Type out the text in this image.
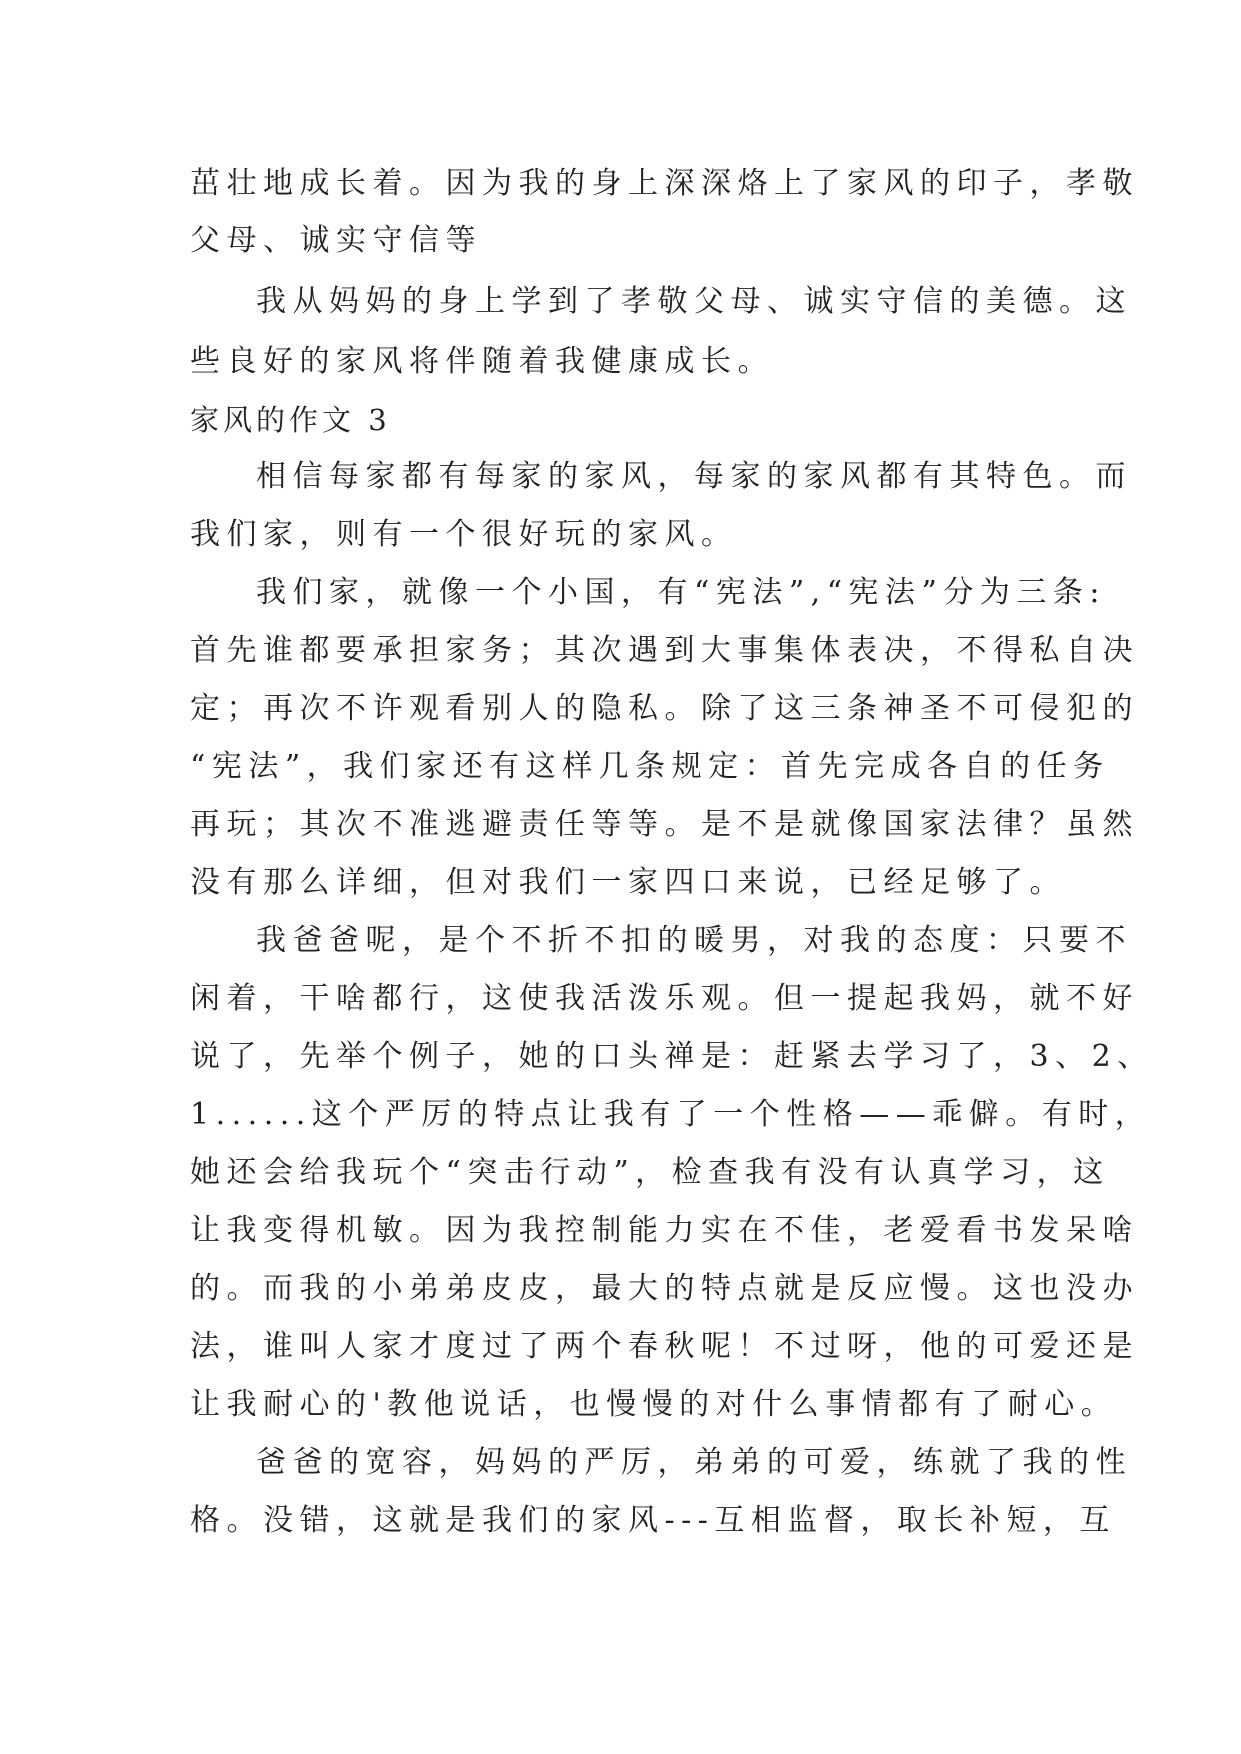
茁壮地成长着。因为我的身上深深烙上了家风的印子，孝敬
父母、诚实守信等
我从妈妈的身上学到了孝敬父母、诚实守信的美德。这
些良好的家风将伴随着我健康成长。
家风的作文 3
相信每家都有每家的家风，每家的家风都有其特色。而
我们家，则有一个很好玩的家风。
我们家，就像一个小国，有“宪法”,“宪法”分为三条:
首先谁都要承担家务；其次遇到大事集体表决，不得私自决
定；再次不许观看别人的隐私。除了这三条神圣不可侵犯的
“宪法”，我们家还有这样几条规定：首先完成各自的任务
再玩；其次不准逃避责任等等。是不是就像国家法律？虽然
没有那么详细，但对我们一家四口来说，已经足够了。
我爸爸呢，是个不折不扣的暖男，对我的态度：只要不
闲着，干啥都行，这使我活泼乐观。但一提起我妈，就不好
说了，先举个例子，她的口头禅是：赶紧去学习了，3、2、
1......这个严厉的特点让我有了一个性格——乖僻。有时，
她还会给我玩个“突击行动”，检查我有没有认真学习，这
让我变得机敏。因为我控制能力实在不佳，老爱看书发呆啥
的。而我的小弟弟皮皮，最大的特点就是反应慢。这也没办
法，谁叫人家才度过了两个春秋呢！不过呀，他的可爱还是
让我耐心的'教他说话，也慢慢的对什么事情都有了耐心。
爸爸的宽容，妈妈的严厉，弟弟的可爱，练就了我的性
格。没错，这就是我们的家风---互相监督，取长补短，互
